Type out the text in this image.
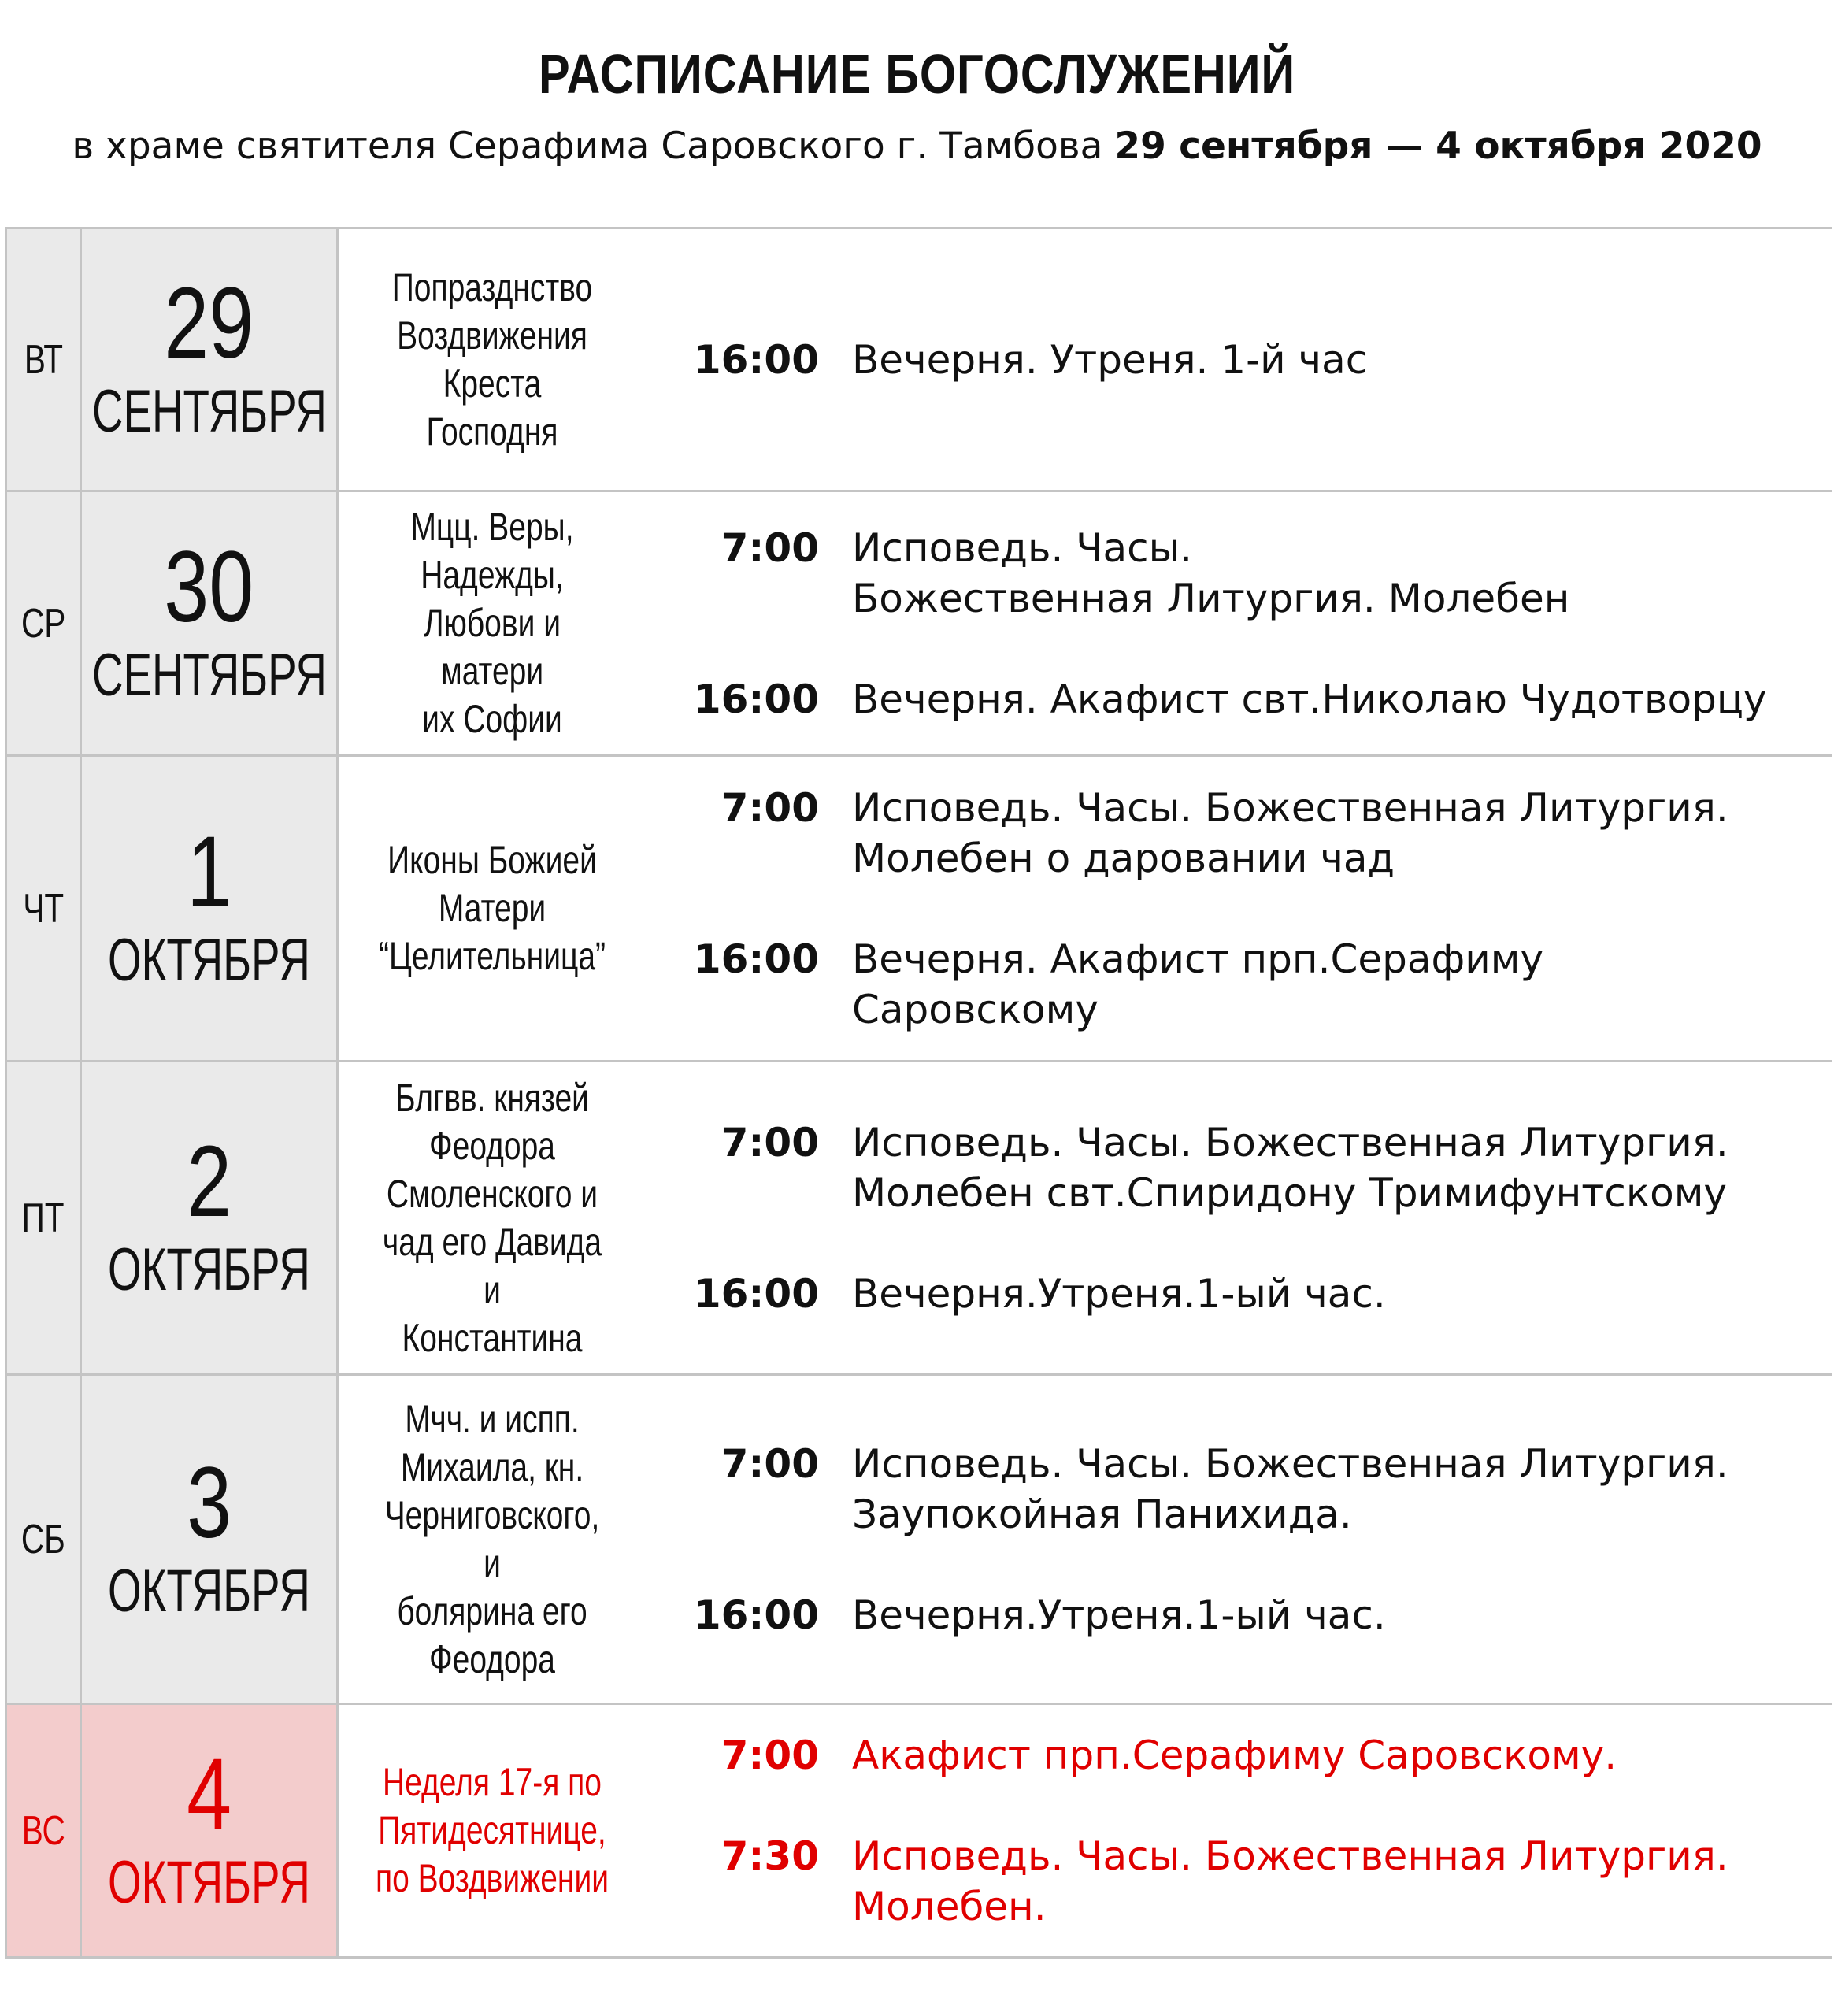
РАСПИСАНИЕ БОГОСЛУЖЕНИЙ
в храме святителя Серафима Саровского г. Тамбова 29 сентября — 4 октября 2020
ВТ 29
СЕНТЯБРЯ
Попразднство
Воздвижения
Креста
Господня
16:00 Вечерня. Утреня. 1-й час
СР 30
СЕНТЯБРЯ
Мцц. Веры,
Надежды,
Любови и матери
их Софии
7:00 Исповедь. Часы.
Божественная Литургия. Молебен
16:00 Вечерня. Акафист свт.Николаю Чудотворцу
ЧТ 1
ОКТЯБРЯ
Иконы Божией
Матери
“Целительница”
7:00 Исповедь. Часы. Божественная Литургия.
Молебен о даровании чад
16:00 Вечерня. Акафист прп.Серафиму
Саровскому
ПТ 2
ОКТЯБРЯ
Блгвв. князей
Феодора
Смоленского и
чад его Давида и
Константина
7:00 Исповедь. Часы. Божественная Литургия.
Молебен свт.Спиридону Тримифунтскому
16:00 Вечерня.Утреня.1-ый час.
СБ 3
ОКТЯБРЯ
Мчч. и испп.
Михаила, кн.
Черниговского, и
болярина его
Феодора
7:00 Исповедь. Часы. Божественная Литургия.
Заупокойная Панихида.
16:00 Вечерня.Утреня.1-ый час.
ВС 4
ОКТЯБРЯ
Неделя 17-я по
Пятидесятнице,
по Воздвижении
7:00 Акафист прп.Серафиму Саровскому.
7:30 Исповедь. Часы. Божественная Литургия.
Молебен.
